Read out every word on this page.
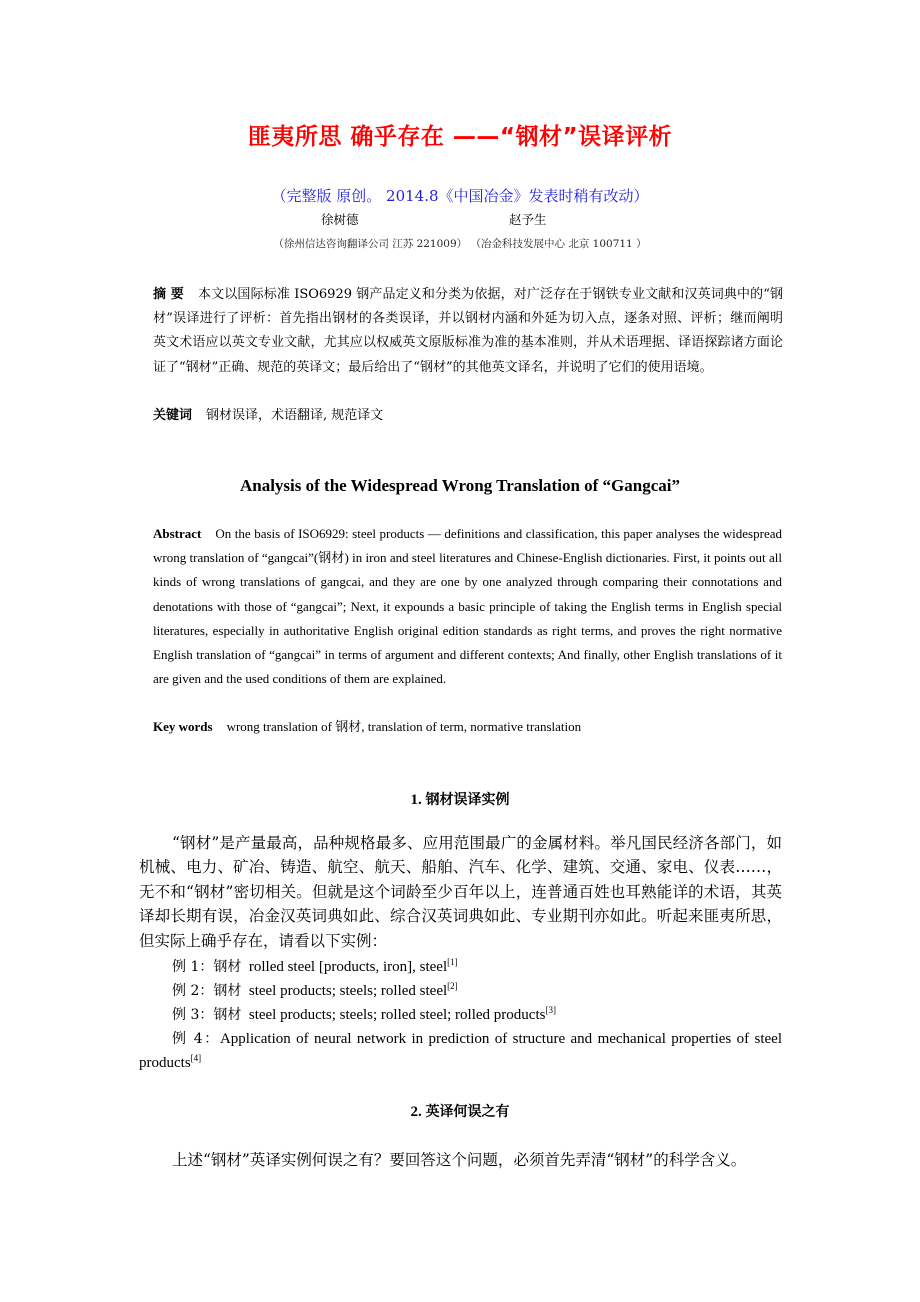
匪夷所思 确乎存在 ——“钢材”误译评析
（完整版 原创。 2014.8《中国冶金》发表时稍有改动）
徐树德	赵予生
（徐州信达咨询翻译公司 江苏 221009） （冶金科技发展中心 北京 100711 ）
摘 要 本文以国际标准 ISO6929 钢产品定义和分类为依据，对广泛存在于钢铁专业文献和汉英词典中的“钢材”误译进行了评析：首先指出钢材的各类误译，并以钢材内涵和外延为切入点，逐条对照、评析；继而阐明英文术语应以英文专业文献，尤其应以权威英文原版标准为准的基本准则，并从术语理据、译语探踪诸方面论证了“钢材”正确、规范的英译文；最后给出了“钢材”的其他英文译名，并说明了它们的使用语境。
关键词 钢材误译，术语翻译, 规范译文
Analysis of the Widespread Wrong Translation of “Gangcai”
Abstract On the basis of ISO6929: steel products — definitions and classification, this paper analyses the widespread wrong translation of “gangcai”(钢材) in iron and steel literatures and Chinese-English dictionaries. First, it points out all kinds of wrong translations of gangcai, and they are one by one analyzed through comparing their connotations and denotations with those of “gangcai”; Next, it expounds a basic principle of taking the English terms in English special literatures, especially in authoritative English original edition standards as right terms, and proves the right normative English translation of “gangcai” in terms of argument and different contexts; And finally, other English translations of it are given and the used conditions of them are explained.
Key words wrong translation of 钢材, translation of term, normative translation
1. 钢材误译实例
“钢材”是产量最高，品种规格最多、应用范围最广的金属材料。举凡国民经济各部门，如机械、电力、矿冶、铸造、航空、航天、船舶、汽车、化学、建筑、交通、家电、仪表……，无不和“钢材”密切相关。但就是这个词龄至少百年以上，连普通百姓也耳熟能详的术语，其英译却长期有误，冶金汉英词典如此、综合汉英词典如此、专业期刊亦如此。听起来匪夷所思，但实际上确乎存在，请看以下实例：
例 1：钢材 rolled steel [products, iron], steel[1]
例 2：钢材 steel products; steels; rolled steel[2]
例 3：钢材 steel products; steels; rolled steel; rolled products[3]
例 4：Application of neural network in prediction of structure and mechanical properties of steel products[4]
2. 英译何误之有
上述“钢材”英译实例何误之有？要回答这个问题，必须首先弄清“钢材”的科学含义。
